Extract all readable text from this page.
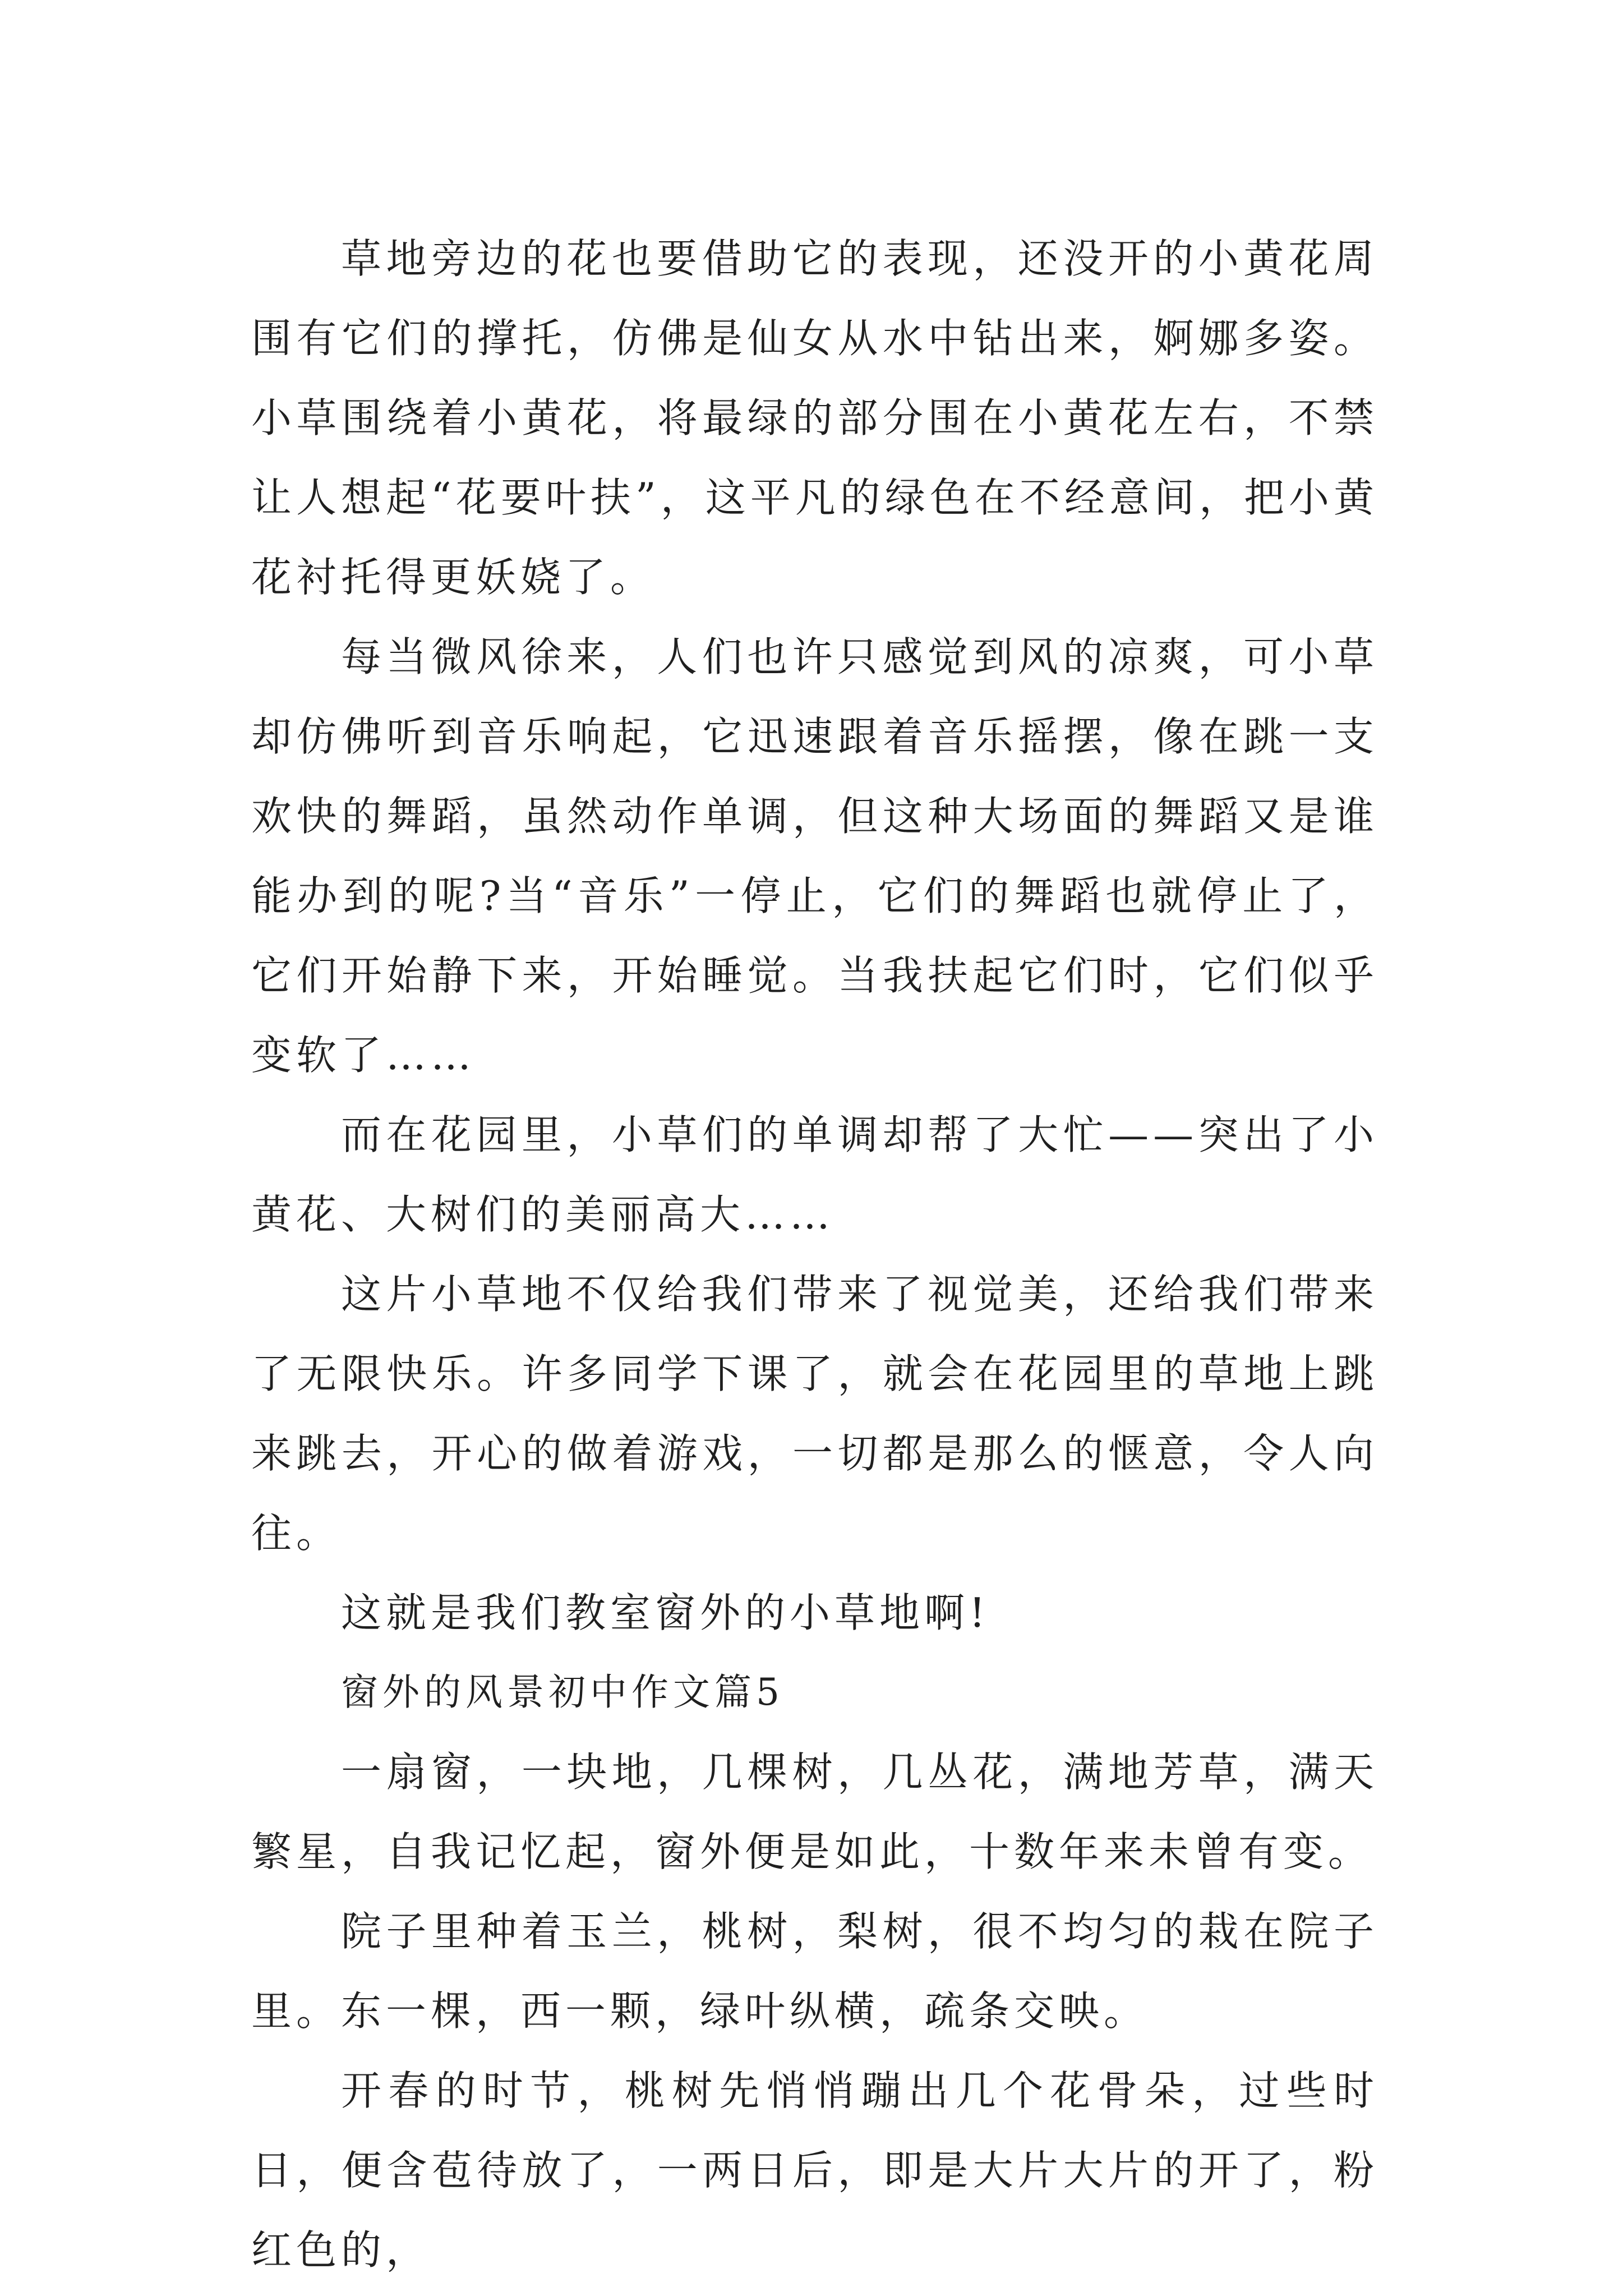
草地旁边的花也要借助它的表现，还没开的小黄花周围有它们的撑托，仿佛是仙女从水中钻出来，婀娜多姿。小草围绕着小黄花，将最绿的部分围在小黄花左右，不禁让人想起“花要叶扶”，这平凡的绿色在不经意间，把小黄花衬托得更妖娆了。

每当微风徐来，人们也许只感觉到风的凉爽，可小草却仿佛听到音乐响起，它迅速跟着音乐摇摆，像在跳一支欢快的舞蹈，虽然动作单调，但这种大场面的舞蹈又是谁能办到的呢?当“音乐”一停止，它们的舞蹈也就停止了，它们开始静下来，开始睡觉。当我扶起它们时，它们似乎变软了……

而在花园里，小草们的单调却帮了大忙——突出了小黄花、大树们的美丽高大……

这片小草地不仅给我们带来了视觉美，还给我们带来了无限快乐。许多同学下课了，就会在花园里的草地上跳来跳去，开心的做着游戏，一切都是那么的惬意，令人向往。

这就是我们教室窗外的小草地啊!

窗外的风景初中作文篇5

一扇窗，一块地，几棵树，几丛花，满地芳草，满天繁星，自我记忆起，窗外便是如此，十数年来未曾有变。

院子里种着玉兰，桃树，梨树，很不均匀的栽在院子里。东一棵，西一颗，绿叶纵横，疏条交映。

开春的时节，桃树先悄悄蹦出几个花骨朵，过些时日，便含苞待放了，一两日后，即是大片大片的开了，粉红色的，
